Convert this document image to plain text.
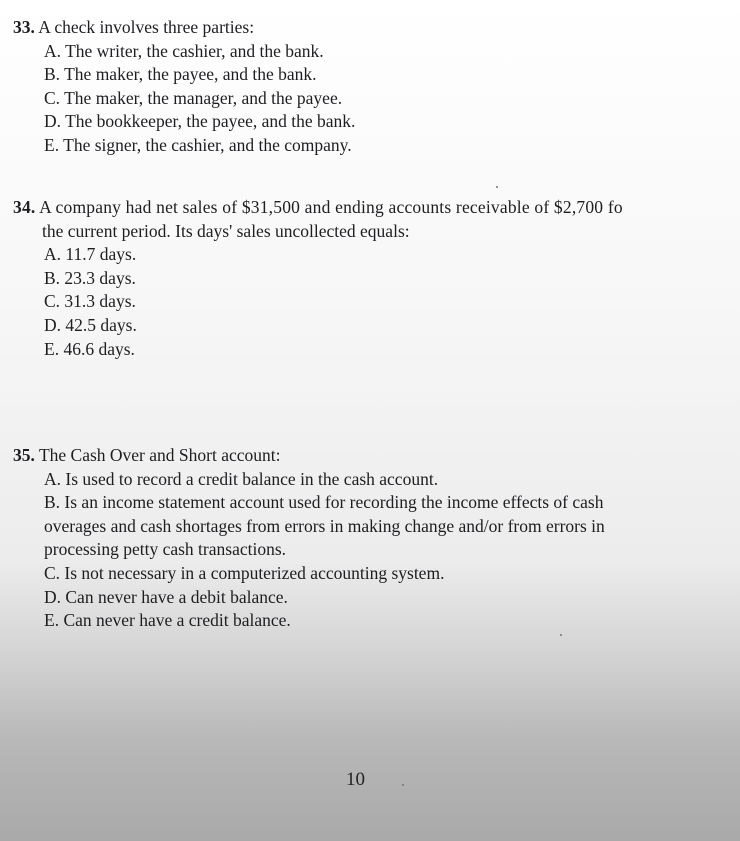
33. A check involves three parties:
A. The writer, the cashier, and the bank.
B. The maker, the payee, and the bank.
C. The maker, the manager, and the payee.
D. The bookkeeper, the payee, and the bank.
E. The signer, the cashier, and the company.
34. A company had net sales of $31,500 and ending accounts receivable of $2,700 fo
the current period. Its days' sales uncollected equals:
A. 11.7 days.
B. 23.3 days.
C. 31.3 days.
D. 42.5 days.
E. 46.6 days.
35. The Cash Over and Short account:
A. Is used to record a credit balance in the cash account.
B. Is an income statement account used for recording the income effects of cash
overages and cash shortages from errors in making change and/or from errors in
processing petty cash transactions.
C. Is not necessary in a computerized accounting system.
D. Can never have a debit balance.
E. Can never have a credit balance.
10
